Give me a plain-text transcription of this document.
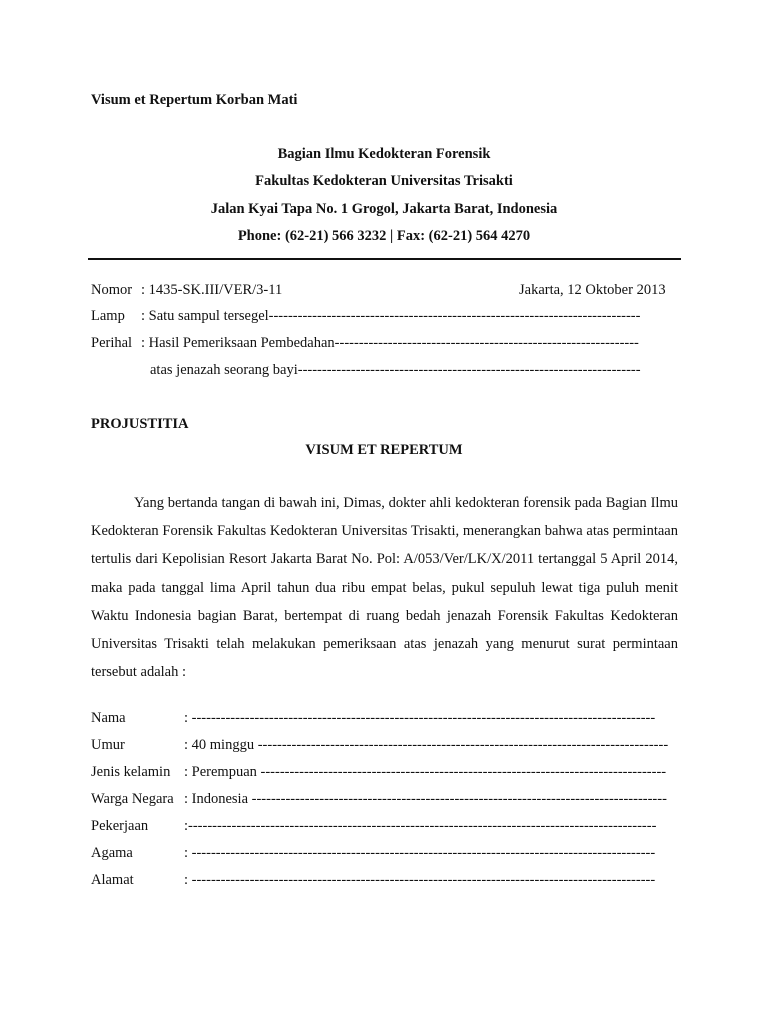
Visum et Repertum Korban Mati
Bagian Ilmu Kedokteran Forensik
Fakultas Kedokteran Universitas Trisakti
Jalan Kyai Tapa No. 1 Grogol, Jakarta Barat, Indonesia
Phone: (62-21) 566 3232 | Fax: (62-21) 564 4270
Nomor : 1435-SK.III/VER/3-11	Jakarta, 12 Oktober 2013
Lamp : Satu sampul tersegel-----------------------------------------------------------------------------
Perihal : Hasil Pemeriksaan Pembedahan---------------------------------------------------------------
atas jenazah seorang bayi-----------------------------------------------------------------------
PROJUSTITIA
VISUM ET REPERTUM
Yang bertanda tangan di bawah ini, Dimas, dokter ahli kedokteran forensik pada Bagian Ilmu Kedokteran Forensik Fakultas Kedokteran Universitas Trisakti, menerangkan bahwa atas permintaan tertulis dari Kepolisian Resort Jakarta Barat No. Pol: A/053/Ver/LK/X/2011 tertanggal 5 April 2014, maka pada tanggal lima April tahun dua ribu empat belas, pukul sepuluh lewat tiga puluh menit Waktu Indonesia bagian Barat, bertempat di ruang bedah jenazah Forensik Fakultas Kedokteran Universitas Trisakti telah melakukan pemeriksaan atas jenazah yang menurut surat permintaan tersebut adalah :
Nama	: ------------------------------------------------------------------------------------------------
Umur	: 40 minggu -------------------------------------------------------------------------------------
Jenis kelamin : Perempuan ------------------------------------------------------------------------------------
Warga Negara : Indonesia --------------------------------------------------------------------------------------
Pekerjaan :-------------------------------------------------------------------------------------------------
Agama	: ------------------------------------------------------------------------------------------------
Alamat	: ------------------------------------------------------------------------------------------------
